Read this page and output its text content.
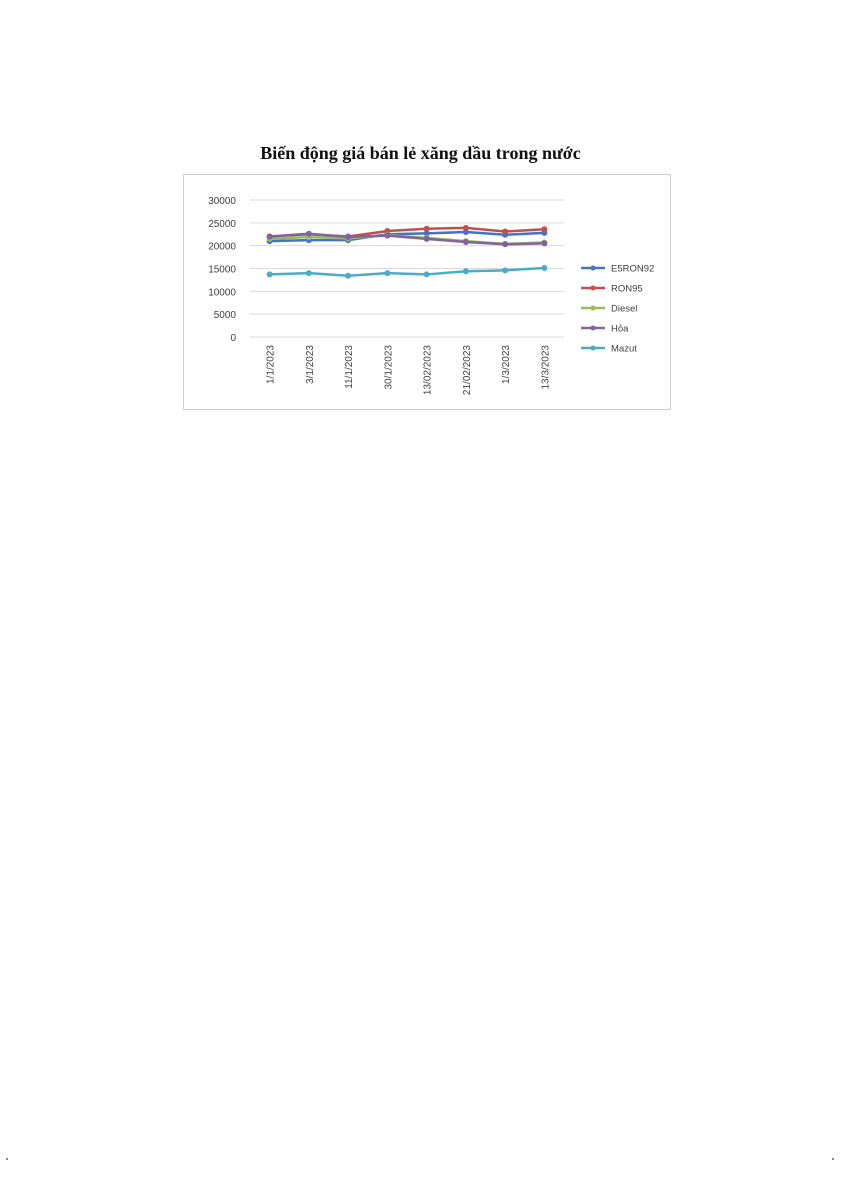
Biến động giá bán lẻ xăng dầu trong nước
30000
25000
20000
15000
10000
5000
0
1/1/2023	3/1/2023	11/1/2023	30/1/2023	13/02/2023	21/02/2023	1/3/2023	13/3/2023
E5RON92
RON95
Diesel
Hỏa
Mazut
